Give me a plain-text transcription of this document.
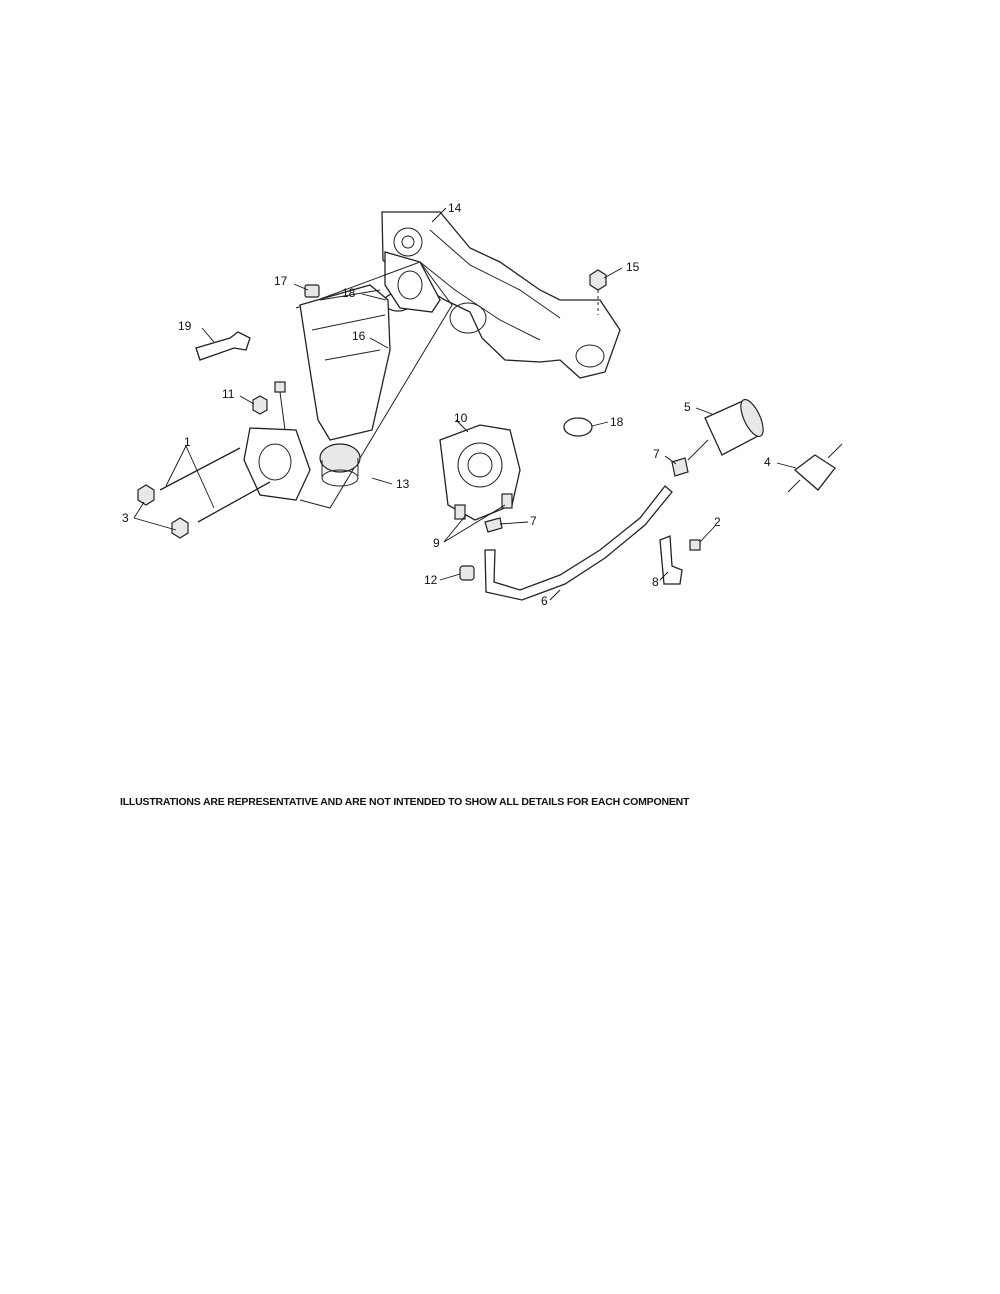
14
15
17
18
19
16
11
10
5
18
1
13
7
4
3
9
7	2
12
6
8
ILLUSTRATIONS ARE REPRESENTATIVE AND ARE NOT INTENDED TO SHOW ALL DETAILS FOR EACH COMPONENT
